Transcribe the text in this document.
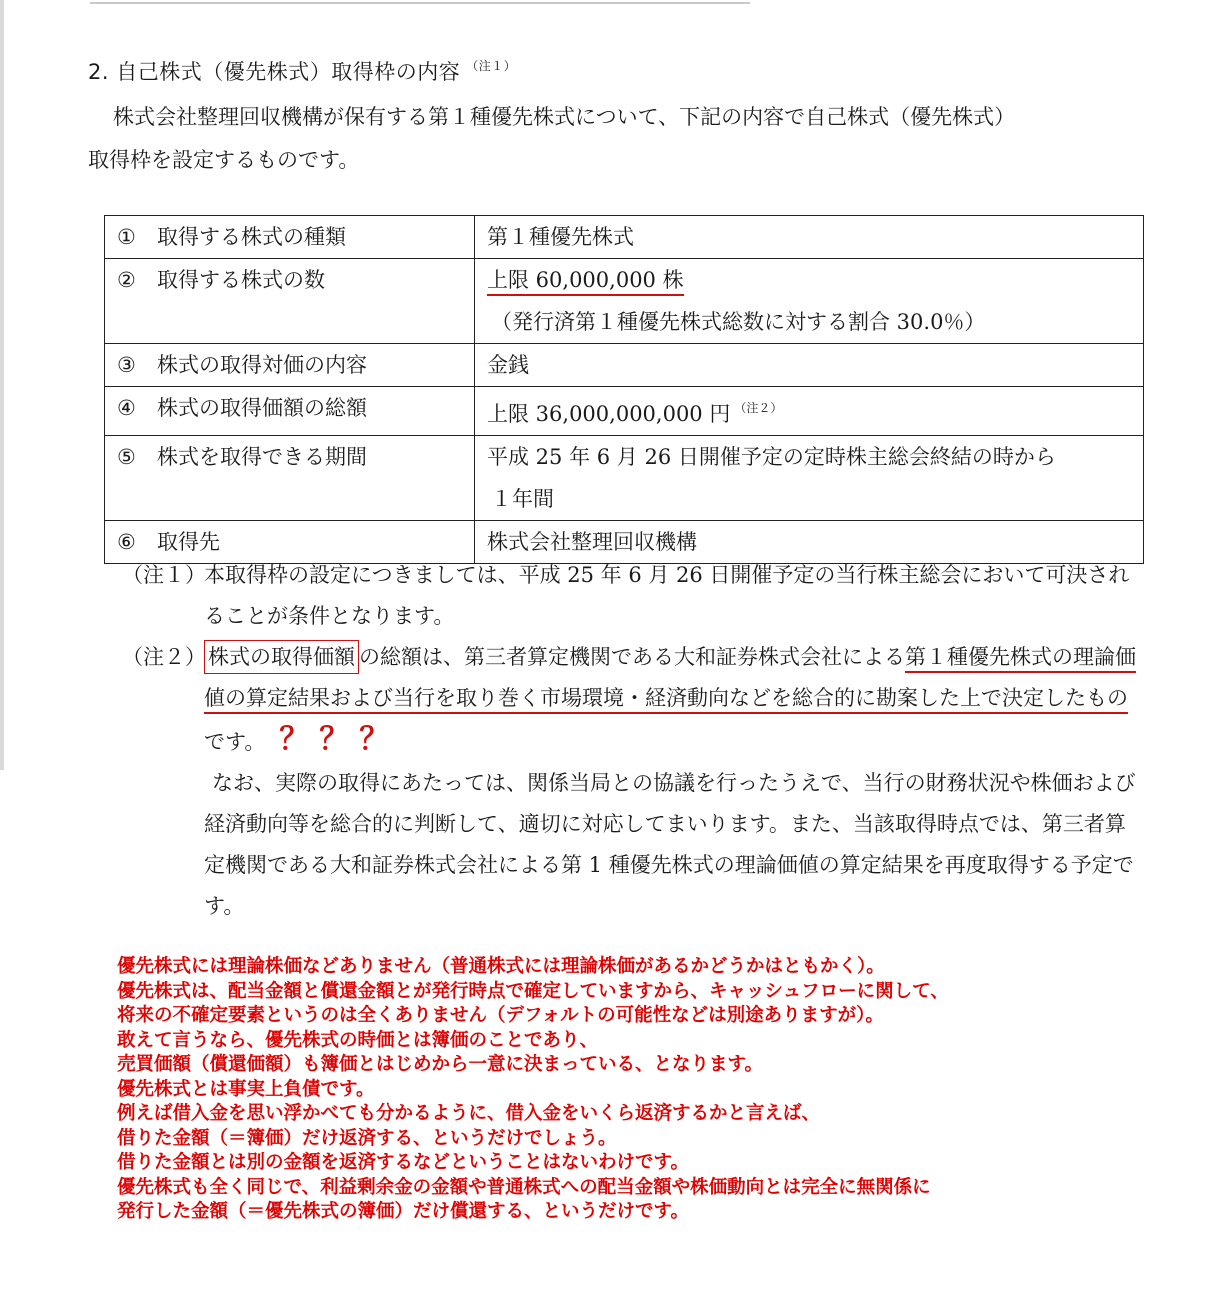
2. 自己株式（優先株式）取得枠の内容 $^{(注1)}$
株式会社整理回収機構が保有する第１種優先株式について、下記の内容で自己株式（優先株式）
取得枠を設定するものです。
① 取得する株式の種類	第１種優先株式
② 取得する株式の数	上限 60,000,000 株
（発行済第１種優先株式総数に対する割合 30.0％）

③ 株式の取得対価の内容	金銭
④ 株式の取得価額の総額	上限 36,000,000,000 円 $^{(注2)}$
⑤ 株式を取得できる期間	平成 25 年 6 月 26 日開催予定の定時株主総会終結の時から
１年間

⑥ 取得先	株式会社整理回収機構
（注１）
本取得枠の設定につきましては、平成 25 年 6 月 26 日開催予定の当行株主総会において可決されることが条件となります。
（注２） 株式の取得価額 の総額は、第三者算定機関である大和証券株式会社による第１種優先株式の理論価値の算定結果および当行を取り巻く市場環境・経済動向などを総合的に勘案した上で決定したものです。 ？？？
なお、実際の取得にあたっては、関係当局との協議を行ったうえで、当行の財務状況や株価および経済動向等を総合的に判断して、適切に対応してまいります。また、当該取得時点では、第三者算定機関である大和証券株式会社による第 1 種優先株式の理論価値の算定結果を再度取得する予定です。
優先株式には理論株価などありません（普通株式には理論株価があるかどうかはともかく）。
優先株式は、配当金額と償還金額とが発行時点で確定していますから、キャッシュフローに関して、
将来の不確定要素というのは全くありません（デフォルトの可能性などは別途ありますが）。
敢えて言うなら、優先株式の時価とは簿価のことであり、
売買価額（償還価額）も簿価とはじめから一意に決まっている、となります。
優先株式とは事実上負債です。
例えば借入金を思い浮かべても分かるように、借入金をいくら返済するかと言えば、
借りた金額（＝簿価）だけ返済する、というだけでしょう。
借りた金額とは別の金額を返済するなどということはないわけです。
優先株式も全く同じで、利益剰余金の金額や普通株式への配当金額や株価動向とは完全に無関係に
発行した金額（＝優先株式の簿価）だけ償還する、というだけです。
